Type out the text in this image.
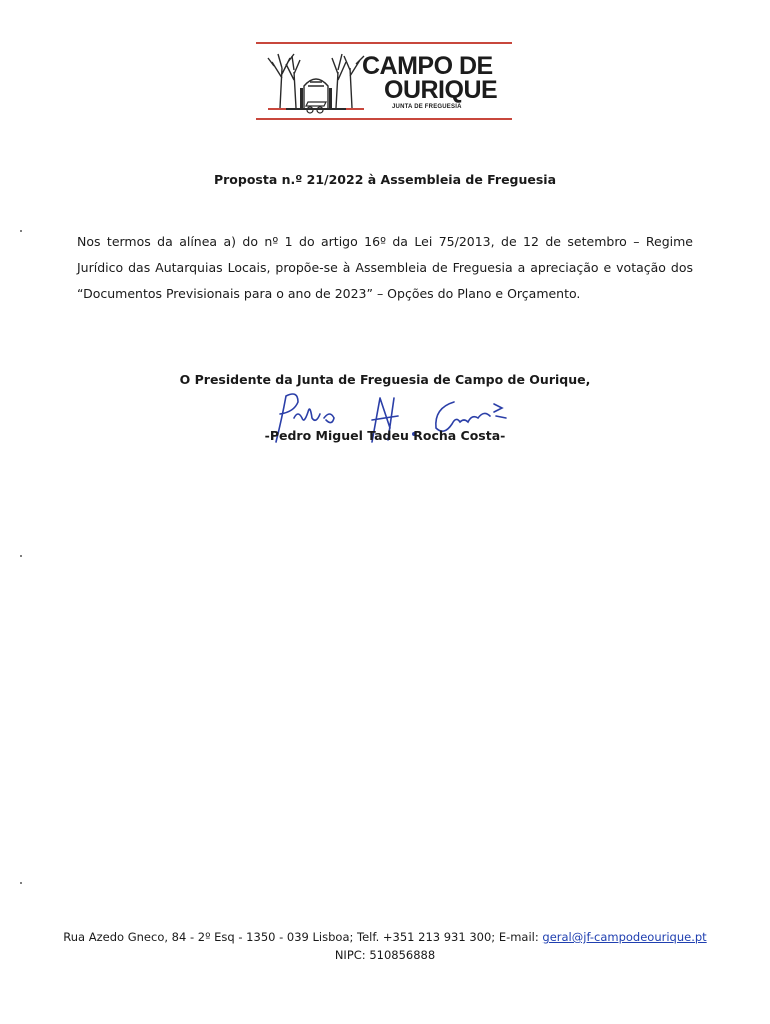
CAMPO DE
OURIQUE
JUNTA DE FREGUESIA
Proposta n.º 21/2022 à Assembleia de Freguesia
Nos termos da alínea a) do nº 1 do artigo 16º da Lei 75/2013, de 12 de setembro – Regime Jurídico das Autarquias Locais, propõe-se à Assembleia de Freguesia a apreciação e votação dos “Documentos Previsionais para o ano de 2023” – Opções do Plano e Orçamento.
O Presidente da Junta de Freguesia de Campo de Ourique,
-Pedro Miguel Tadeu Rocha Costa-
Rua Azedo Gneco, 84 - 2º Esq - 1350 - 039 Lisboa; Telf. +351 213 931 300; E-mail: geral@jf-campodeourique.pt
NIPC: 510856888
